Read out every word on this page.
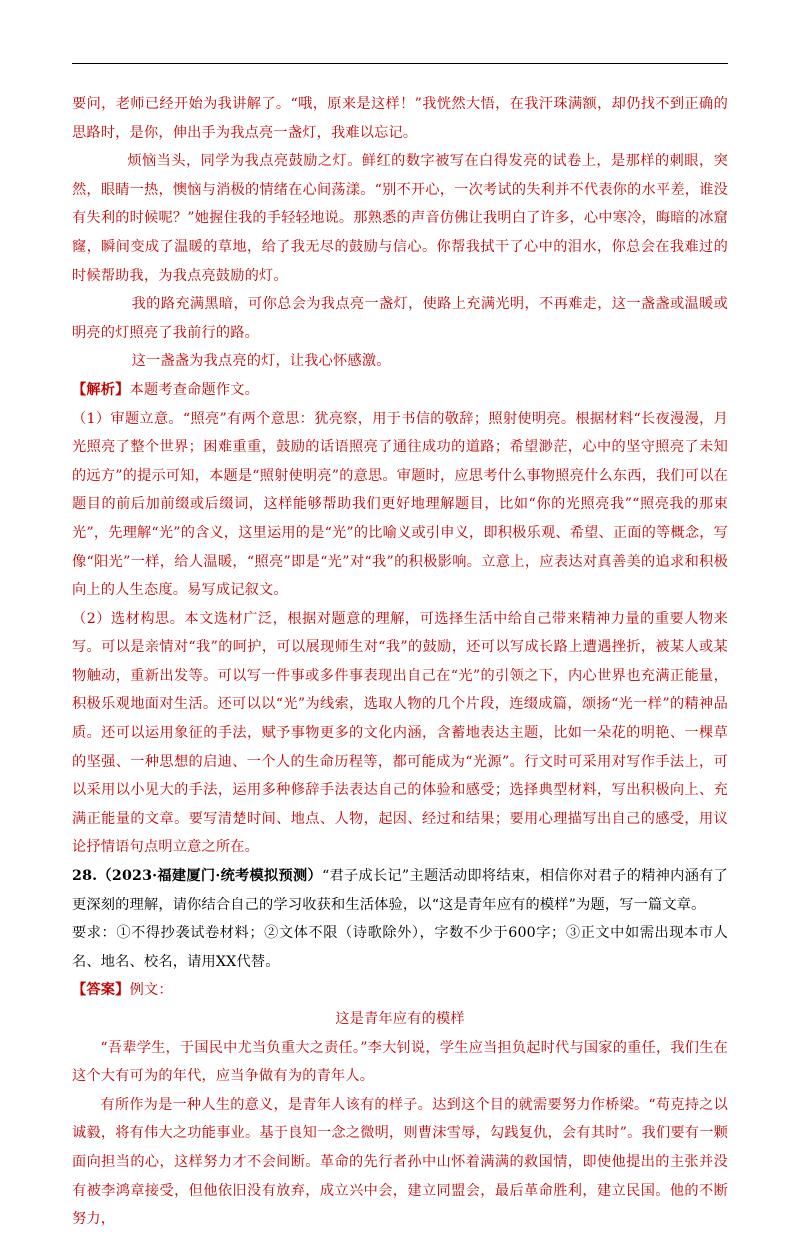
要问，老师已经开始为我讲解了。“哦，原来是这样！”我恍然大悟，在我汗珠满额，却仍找不到正确的思路时，是你，伸出手为我点亮一盏灯，我难以忘记。

烦恼当头，同学为我点亮鼓励之灯。鲜红的数字被写在白得发亮的试卷上，是那样的刺眼，突然，眼睛一热，懊恼与消极的情绪在心间荡漾。“别不开心，一次考试的失利并不代表你的水平差，谁没有失利的时候呢？”她握住我的手轻轻地说。那熟悉的声音仿佛让我明白了许多，心中寒冷，晦暗的冰窟窿，瞬间变成了温暖的草地，给了我无尽的鼓励与信心。你帮我拭干了心中的泪水，你总会在我难过的时候帮助我，为我点亮鼓励的灯。

我的路充满黑暗，可你总会为我点亮一盏灯，使路上充满光明，不再难走，这一盏盏或温暖或明亮的灯照亮了我前行的路。

这一盏盏为我点亮的灯，让我心怀感激。

【解析】本题考查命题作文。

（1）审题立意。“照亮”有两个意思：犹亮察，用于书信的敬辞；照射使明亮。根据材料“长夜漫漫，月光照亮了整个世界；困难重重，鼓励的话语照亮了通往成功的道路；希望渺茫，心中的坚守照亮了未知的远方”的提示可知，本题是“照射使明亮”的意思。审题时，应思考什么事物照亮什么东西，我们可以在题目的前后加前缀或后缀词，这样能够帮助我们更好地理解题目，比如“你的光照亮我”“照亮我的那束光”，先理解“光”的含义，这里运用的是“光”的比喻义或引申义，即积极乐观、希望、正面的等概念，写像“阳光”一样，给人温暖，“照亮”即是“光”对“我”的积极影响。立意上，应表达对真善美的追求和积极向上的人生态度。易写成记叙文。

（2）选材构思。本文选材广泛，根据对题意的理解，可选择生活中给自己带来精神力量的重要人物来写。可以是亲情对“我”的呵护，可以展现师生对“我”的鼓励，还可以写成长路上遭遇挫折，被某人或某物触动，重新出发等。可以写一件事或多件事表现出自己在“光”的引领之下，内心世界也充满正能量，积极乐观地面对生活。还可以以“光”为线索，选取人物的几个片段，连缀成篇，颂扬“光一样”的精神品质。还可以运用象征的手法，赋予事物更多的文化内涵，含蓄地表达主题，比如一朵花的明艳、一棵草的坚强、一种思想的启迪、一个人的生命历程等，都可能成为“光源”。行文时可采用对写作手法上，可以采用以小见大的手法，运用多种修辞手法表达自己的体验和感受；选择典型材料，写出积极向上、充满正能量的文章。要写清楚时间、地点、人物，起因、经过和结果；要用心理描写出自己的感受，用议论抒情语句点明立意之所在。

28.（2023·福建厦门·统考模拟预测）“君子成长记”主题活动即将结束，相信你对君子的精神内涵有了更深刻的理解，请你结合自己的学习收获和生活体验，以“这是青年应有的模样”为题，写一篇文章。

要求：①不得抄袭试卷材料；②文体不限（诗歌除外），字数不少于600字；③正文中如需出现本市人名、地名、校名，请用XX代替。

【答案】例文：

这是青年应有的模样

“吾辈学生，于国民中尤当负重大之责任。”李大钊说，学生应当担负起时代与国家的重任，我们生在这个大有可为的年代，应当争做有为的青年人。

有所作为是一种人生的意义，是青年人该有的样子。达到这个目的就需要努力作桥梁。“苟克持之以诚毅，将有伟大之功能事业。基于良知一念之微明，则曹沫雪辱，勾践复仇，会有其时”。我们要有一颗面向担当的心，这样努力才不会间断。革命的先行者孙中山怀着满满的救国情，即使他提出的主张并没有被李鸿章接受，但他依旧没有放弃，成立兴中会，建立同盟会，最后革命胜利，建立民国。他的不断努力，
